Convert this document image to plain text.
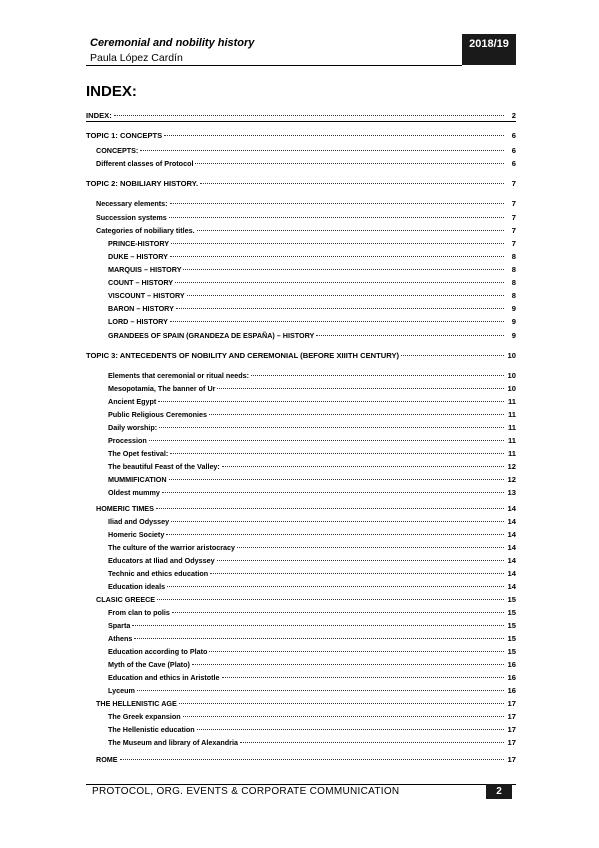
Ceremonial and nobility history
Paula López Cardín
2018/19
INDEX:
INDEX:	2
TOPIC 1: CONCEPTS	6
CONCEPTS:	6
Different classes of Protocol	6
TOPIC 2: NOBILIARY HISTORY.	7
Necessary elements:	7
Succession systems	7
Categories of nobiliary titles.	7
PRINCE-HISTORY	7
DUKE – HISTORY	8
MARQUIS – HISTORY	8
COUNT – HISTORY	8
VISCOUNT – HISTORY	8
BARON – HISTORY	9
LORD – HISTORY	9
GRANDEES OF SPAIN (GRANDEZA DE ESPAÑA) – HISTORY	9
TOPIC 3: ANTECEDENTS OF NOBILITY AND CEREMONIAL (BEFORE XIIITH CENTURY)	10
Elements that ceremonial or ritual needs:	10
Mesopotamia, The banner of Ur	10
Ancient Egypt	11
Public Religious Ceremonies	11
Daily worship:	11
Procession	11
The Opet festival:	11
The beautiful Feast of the Valley:	12
MUMMIFICATION	12
Oldest mummy	13
HOMERIC TIMES	14
Iliad and Odyssey	14
Homeric Society	14
The culture of the warrior aristocracy	14
Educators at Iliad and Odyssey	14
Technic and ethics education	14
Education ideals	14
CLASIC GREECE	15
From clan to polis	15
Sparta	15
Athens	15
Education according to Plato	15
Myth of the Cave (Plato)	16
Education and ethics in Aristotle	16
Lyceum	16
THE HELLENISTIC AGE	17
The Greek expansion	17
The Hellenistic education	17
The Museum and library of Alexandria	17
ROME	17
PROTOCOL, ORG. EVENTS & CORPORATE COMMUNICATION	2
